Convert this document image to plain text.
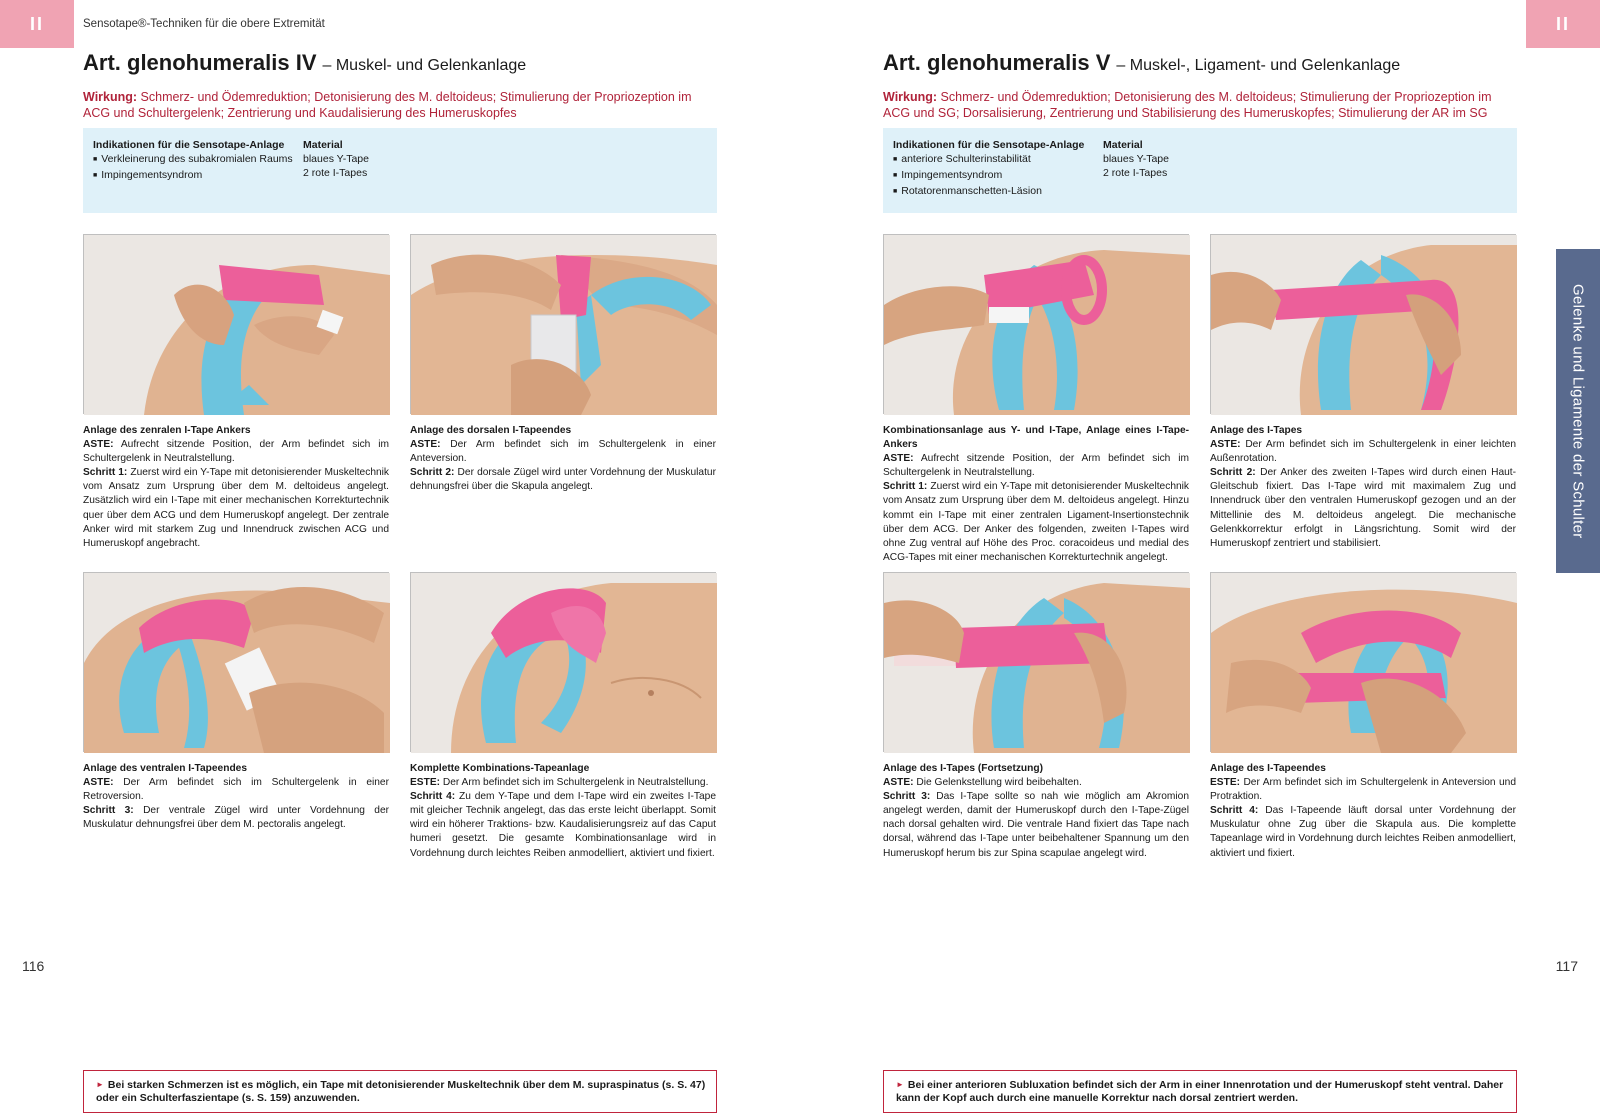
II	II
Sensotape®-Techniken für die obere Extremität
Gelenke und Ligamente der Schulter
116	117
Art. glenohumeralis IV – Muskel- und Gelenkanlage
Wirkung: Schmerz- und Ödemreduktion; Detonisierung des M. deltoideus; Stimulierung der Propriozeption im ACG und Schultergelenk; Zentrierung und Kaudalisierung des Humeruskopfes
Indikationen für die Sensotape-Anlage
■ Verkleinerung des subakromialen Raums
■ Impingementsyndrom
Material
blaues Y-Tape
2 rote I-Tapes
Anlage des zenralen I-Tape Ankers
ASTE: Aufrecht sitzende Position, der Arm befindet sich im Schultergelenk in Neutralstellung.
Schritt 1: Zuerst wird ein Y-Tape mit detonisierender Muskeltechnik vom Ansatz zum Ursprung über dem M. deltoideus angelegt. Zusätzlich wird ein I-Tape mit einer mechanischen Korrekturtechnik quer über dem ACG und dem Humeruskopf angelegt. Der zentrale Anker wird mit starkem Zug und Innendruck zwischen ACG und Humeruskopf angebracht.
Anlage des dorsalen I-Tapeendes
ASTE: Der Arm befindet sich im Schultergelenk in einer Anteversion.
Schritt 2: Der dorsale Zügel wird unter Vordehnung der Muskulatur dehnungsfrei über die Skapula angelegt.
Anlage des ventralen I-Tapeendes
ASTE: Der Arm befindet sich im Schultergelenk in einer Retroversion.
Schritt 3: Der ventrale Zügel wird unter Vordehnung der Muskulatur dehnungsfrei über dem M. pectoralis angelegt.
Komplette Kombinations-Tapeanlage
ESTE: Der Arm befindet sich im Schultergelenk in Neutralstellung.
Schritt 4: Zu dem Y-Tape und dem I-Tape wird ein zweites I-Tape mit gleicher Technik angelegt, das das erste leicht überlappt. Somit wird ein höherer Traktions- bzw. Kaudalisierungsreiz auf das Caput humeri gesetzt. Die gesamte Kombinationsanlage wird in Vordehnung durch leichtes Reiben anmodelliert, aktiviert und fixiert.
► Bei starken Schmerzen ist es möglich, ein Tape mit detonisierender Muskeltechnik über dem M. supraspinatus (s. S. 47) oder ein Schulterfaszientape (s. S. 159) anzuwenden.
Art. glenohumeralis V – Muskel-, Ligament- und Gelenkanlage
Wirkung: Schmerz- und Ödemreduktion; Detonisierung des M. deltoideus; Stimulierung der Propriozeption im ACG und SG; Dorsalisierung, Zentrierung und Stabilisierung des Humeruskopfes; Stimulierung der AR im SG
Indikationen für die Sensotape-Anlage
■ anteriore Schulterinstabilität
■ Impingementsyndrom
■ Rotatorenmanschetten-Läsion
Material
blaues Y-Tape
2 rote I-Tapes
Kombinationsanlage aus Y- und I-Tape, Anlage eines I-Tape-Ankers
ASTE: Aufrecht sitzende Position, der Arm befindet sich im Schultergelenk in Neutralstellung.
Schritt 1: Zuerst wird ein Y-Tape mit detonisierender Muskeltechnik vom Ansatz zum Ursprung über dem M. deltoideus angelegt. Hinzu kommt ein I-Tape mit einer zentralen Ligament-Insertionstechnik über dem ACG. Der Anker des folgenden, zweiten I-Tapes wird ohne Zug ventral auf Höhe des Proc. coracoideus und medial des ACG-Tapes mit einer mechanischen Korrekturtechnik angelegt.
Anlage des I-Tapes
ASTE: Der Arm befindet sich im Schultergelenk in einer leichten Außenrotation.
Schritt 2: Der Anker des zweiten I-Tapes wird durch einen Haut-Gleitschub fixiert. Das I-Tape wird mit maximalem Zug und Innendruck über den ventralen Humeruskopf gezogen und an der Mittellinie des M. deltoideus angelegt. Die mechanische Gelenkkorrektur erfolgt in Längsrichtung. Somit wird der Humeruskopf zentriert und stabilisiert.
Anlage des I-Tapes (Fortsetzung)
ASTE: Die Gelenkstellung wird beibehalten.
Schritt 3: Das I-Tape sollte so nah wie möglich am Akromion angelegt werden, damit der Humeruskopf durch den I-Tape-Zügel nach dorsal gehalten wird. Die ventrale Hand fixiert das Tape nach dorsal, während das I-Tape unter beibehaltener Spannung um den Humeruskopf herum bis zur Spina scapulae angelegt wird.
Anlage des I-Tapeendes
ESTE: Der Arm befindet sich im Schultergelenk in Anteversion und Protraktion.
Schritt 4: Das I-Tapeende läuft dorsal unter Vordehnung der Muskulatur ohne Zug über die Skapula aus. Die komplette Tapeanlage wird in Vordehnung durch leichtes Reiben anmodelliert, aktiviert und fixiert.
► Bei einer anterioren Subluxation befindet sich der Arm in einer Innenrotation und der Humeruskopf steht ventral. Daher kann der Kopf auch durch eine manuelle Korrektur nach dorsal zentriert werden.
